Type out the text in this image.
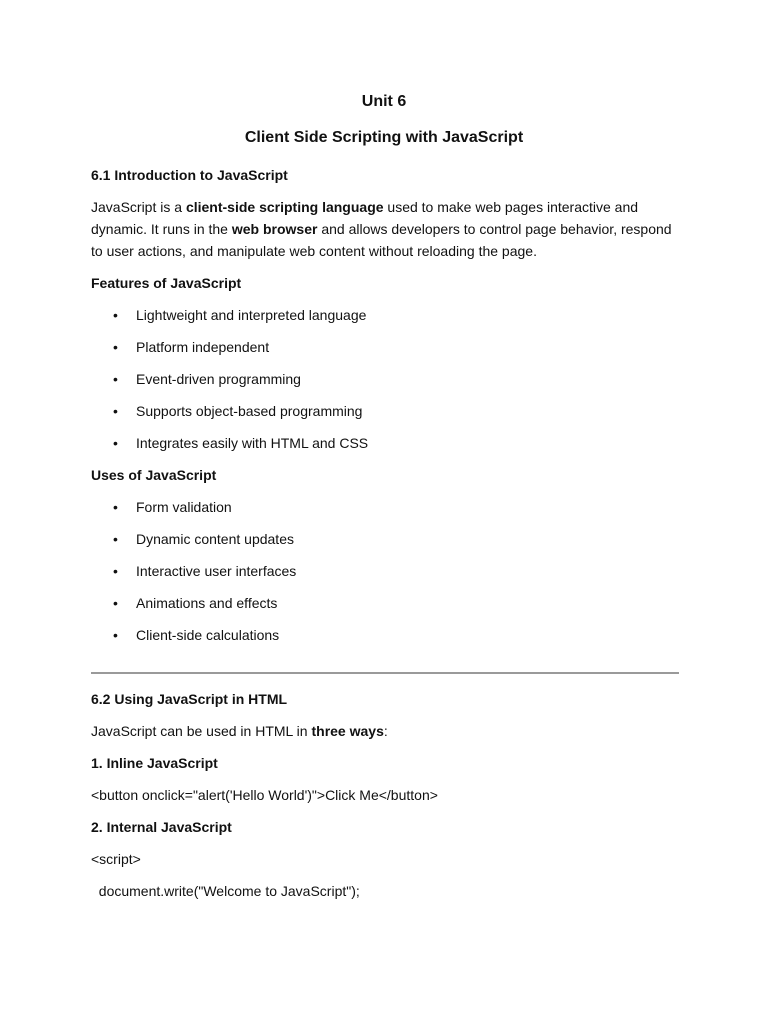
Unit 6
Client Side Scripting with JavaScript
6.1 Introduction to JavaScript

JavaScript is a client-side scripting language used to make web pages interactive and dynamic. It runs in the web browser and allows developers to control page behavior, respond to user actions, and manipulate web content without reloading the page.

Features of JavaScript
• Lightweight and interpreted language
• Platform independent
• Event-driven programming
• Supports object-based programming
• Integrates easily with HTML and CSS
Uses of JavaScript
• Form validation
• Dynamic content updates
• Interactive user interfaces
• Animations and effects
• Client-side calculations
6.2 Using JavaScript in HTML

JavaScript can be used in HTML in three ways:

1. Inline JavaScript

<button onclick="alert('Hello World')">Click Me</button>

2. Internal JavaScript

<script>

document.write("Welcome to JavaScript");
